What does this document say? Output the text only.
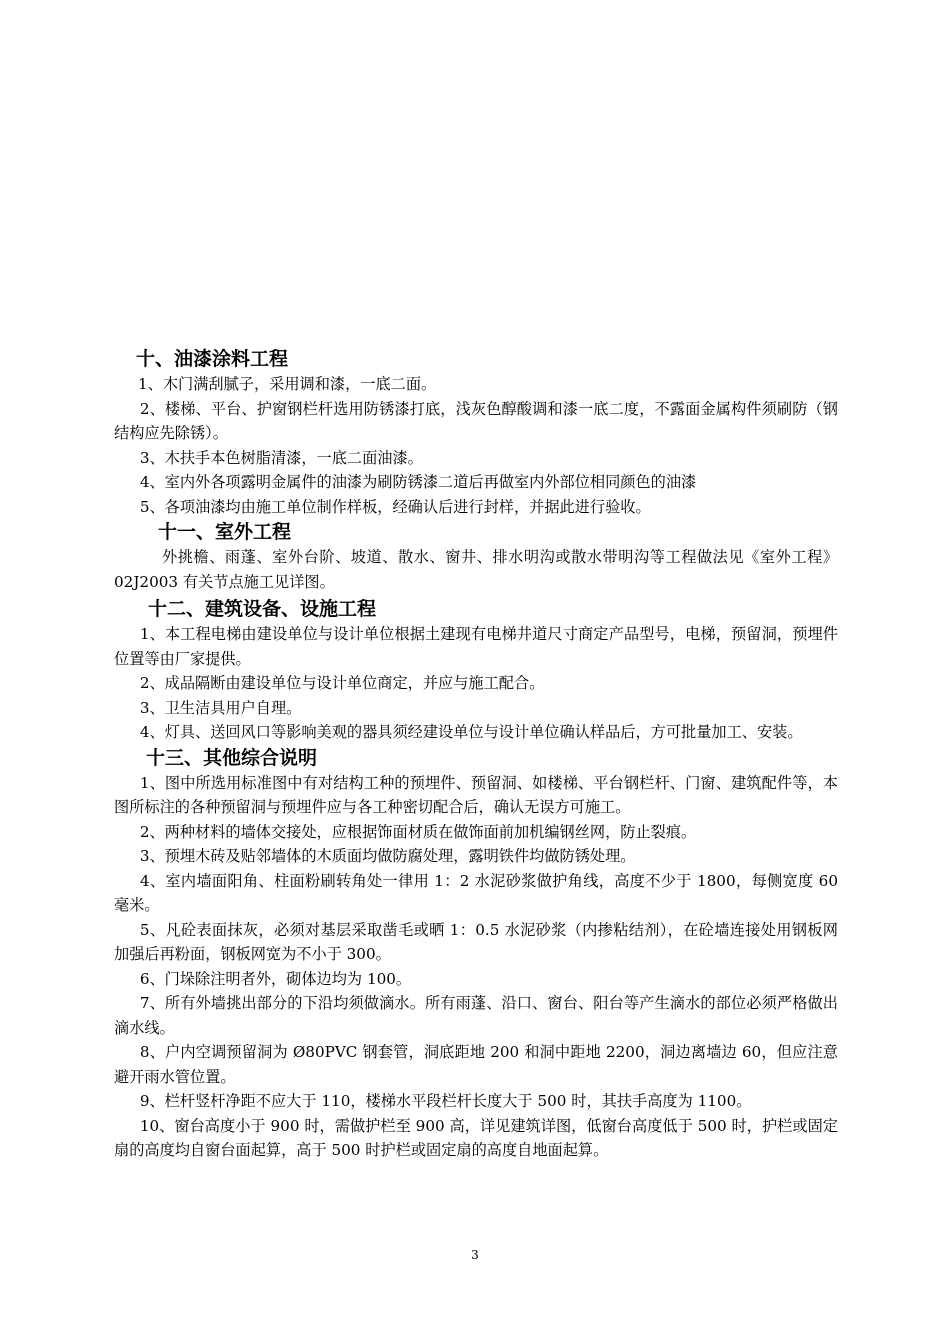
十、油漆涂料工程

1、木门满刮腻子，采用调和漆，一底二面。

2、楼梯、平台、护窗钢栏杆选用防锈漆打底，浅灰色醇酸调和漆一底二度，不露面金属构件须刷防（钢结构应先除锈）。

3、木扶手本色树脂清漆，一底二面油漆。

4、室内外各项露明金属件的油漆为刷防锈漆二道后再做室内外部位相同颜色的油漆

5、各项油漆均由施工单位制作样板，经确认后进行封样，并据此进行验收。

十一、室外工程

外挑檐、雨蓬、室外台阶、坡道、散水、窗井、排水明沟或散水带明沟等工程做法见《室外工程》02J2003 有关节点施工见详图。

十二、建筑设备、设施工程

1、本工程电梯由建设单位与设计单位根据土建现有电梯井道尺寸商定产品型号，电梯，预留洞，预埋件位置等由厂家提供。

2、成品隔断由建设单位与设计单位商定，并应与施工配合。

3、卫生洁具用户自理。

4、灯具、送回风口等影响美观的器具须经建设单位与设计单位确认样品后，方可批量加工、安装。

十三、其他综合说明

1、图中所选用标准图中有对结构工种的预埋件、预留洞、如楼梯、平台钢栏杆、门窗、建筑配件等，本图所标注的各种预留洞与预埋件应与各工种密切配合后，确认无误方可施工。

2、两种材料的墙体交接处，应根据饰面材质在做饰面前加机编钢丝网，防止裂痕。

3、预埋木砖及贴邻墙体的木质面均做防腐处理，露明铁件均做防锈处理。

4、室内墙面阳角、柱面粉刷转角处一律用 1：2 水泥砂浆做护角线，高度不少于 1800，每侧宽度 60 毫米。

5、凡砼表面抹灰，必须对基层采取凿毛或晒 1：0.5 水泥砂浆（内掺粘结剂），在砼墙连接处用钢板网加强后再粉面，钢板网宽为不小于 300。

6、门垛除注明者外，砌体边均为 100。

7、所有外墙挑出部分的下沿均须做滴水。所有雨蓬、沿口、窗台、阳台等产生滴水的部位必须严格做出滴水线。

8、户内空调预留洞为 Ø80PVC 钢套管，洞底距地 200 和洞中距地 2200，洞边离墙边 60，但应注意避开雨水管位置。

9、栏杆竖杆净距不应大于 110，楼梯水平段栏杆长度大于 500 时，其扶手高度为 1100。

10、窗台高度小于 900 时，需做护栏至 900 高，详见建筑详图，低窗台高度低于 500 时，护栏或固定扇的高度均自窗台面起算，高于 500 时护栏或固定扇的高度自地面起算。

3
